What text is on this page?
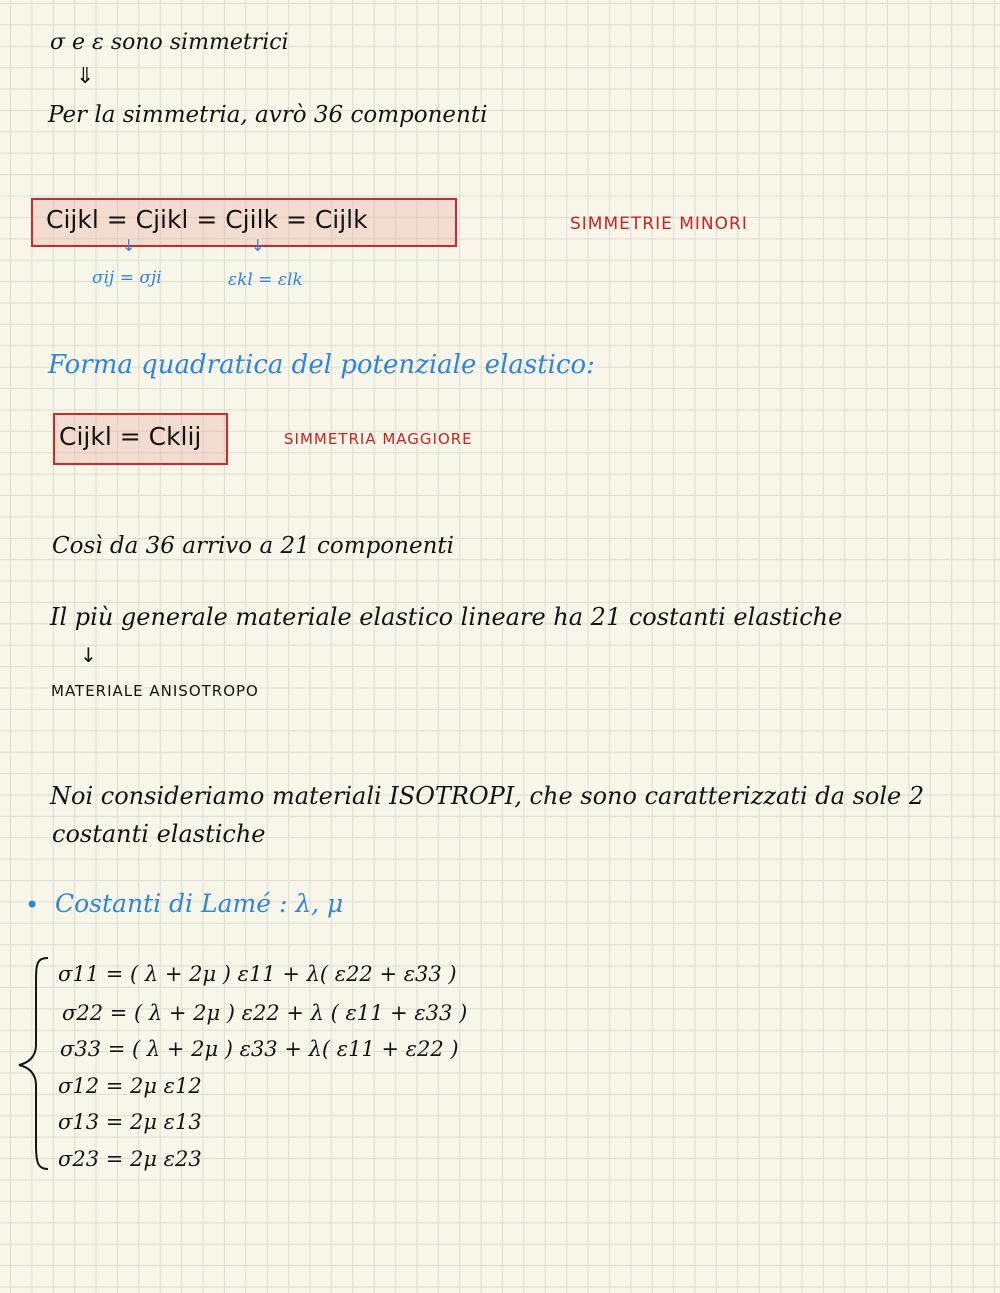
σ e ε sono simmetrici
⇓
Per la simmetria, avrò 36 componenti
Cijkl = Cjikl = Cjilk = Cijlk	SIMMETRIE MINORI
↓	↓
σij = σji	εkl = εlk
Forma quadratica del potenziale elastico:
Cijkl = Cklij	SIMMETRIA MAGGIORE
Così da 36 arrivo a 21 componenti
Il più generale materiale elastico lineare ha 21 costanti elastiche
↓
MATERIALE ANISOTROPO
Noi consideriamo materiali ISOTROPI, che sono caratterizzati da sole 2
costanti elastiche
• Costanti di Lamé : λ, μ
σ11 = ( λ + 2μ ) ε11 + λ( ε22 + ε33 )
σ22 = ( λ + 2μ ) ε22 + λ ( ε11 + ε33 )
σ33 = ( λ + 2μ ) ε33 + λ( ε11 + ε22 )
σ12 = 2μ ε12
σ13 = 2μ ε13
σ23 = 2μ ε23
